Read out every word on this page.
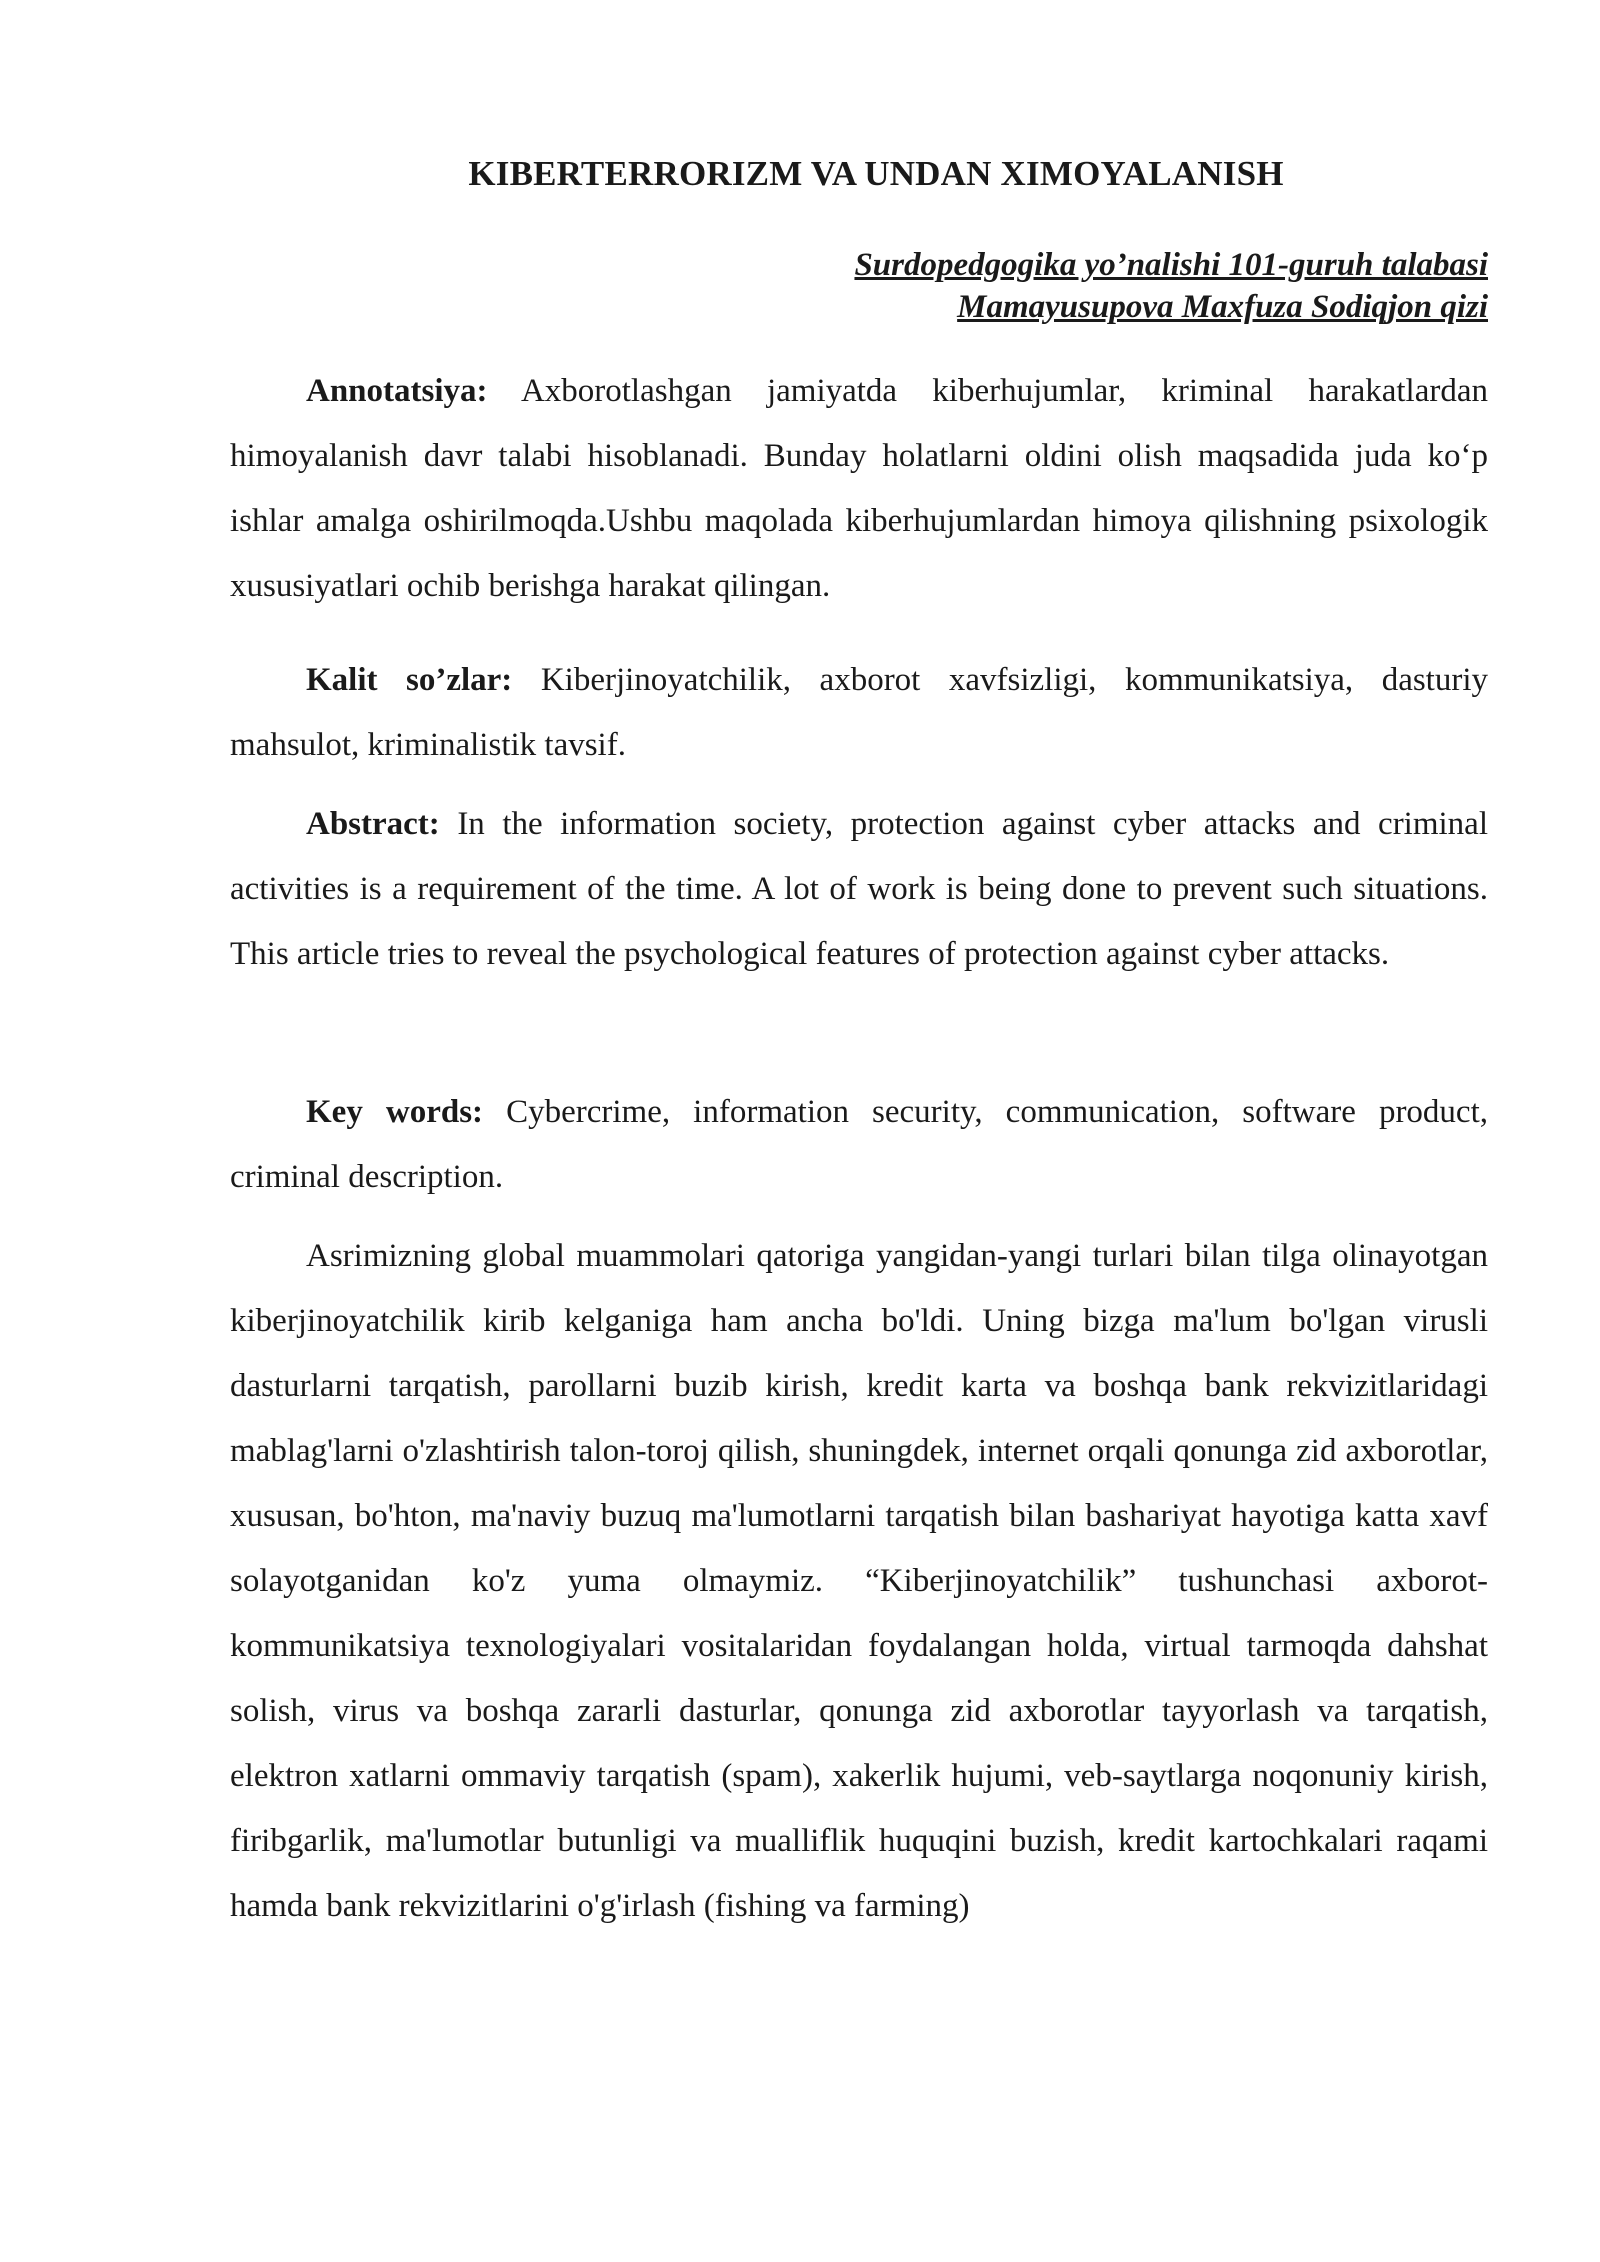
KIBERTERRORIZM VA UNDAN XIMOYALANISH

Surdopedgogika yo’nalishi 101-guruh talabasi

Mamayusupova Maxfuza Sodiqjon qizi

Annotatsiya: Axborotlashgan jamiyatda kiberhujumlar, kriminal harakatlardan himoyalanish davr talabi hisoblanadi. Bunday holatlarni oldini olish maqsadida juda ko‘p ishlar amalga oshirilmoqda.Ushbu maqolada kiberhujumlardan himoya qilishning psixologik xususiyatlari ochib berishga harakat qilingan.

Kalit so’zlar: Kiberjinoyatchilik, axborot xavfsizligi, kommunikatsiya, dasturiy mahsulot, kriminalistik tavsif.

Abstract: In the information society, protection against cyber attacks and criminal activities is a requirement of the time. A lot of work is being done to prevent such situations. This article tries to reveal the psychological features of protection against cyber attacks.

Key words: Cybercrime, information security, communication, software product, criminal description.

Asrimizning global muammolari qatoriga yangidan-yangi turlari bilan tilga olinayotgan kiberjinoyatchilik kirib kelganiga ham ancha bo'ldi. Uning bizga ma'lum bo'lgan virusli dasturlarni tarqatish, parollarni buzib kirish, kredit karta va boshqa bank rekvizitlaridagi mablag'larni o'zlashtirish talon-toroj qilish, shuningdek, internet orqali qonunga zid axborotlar, xususan, bo'hton, ma'naviy buzuq ma'lumotlarni tarqatish bilan bashariyat hayotiga katta xavf solayotganidan ko'z yuma olmaymiz. “Kiberjinoyatchilik” tushunchasi axborot-kommunikatsiya texnologiyalari vositalaridan foydalangan holda, virtual tarmoqda dahshat solish, virus va boshqa zararli dasturlar, qonunga zid axborotlar tayyorlash va tarqatish, elektron xatlarni ommaviy tarqatish (spam), xakerlik hujumi, veb-saytlarga noqonuniy kirish, firibgarlik, ma'lumotlar butunligi va mualliflik huquqini buzish, kredit kartochkalari raqami hamda bank rekvizitlarini o'g'irlash (fishing va farming)
